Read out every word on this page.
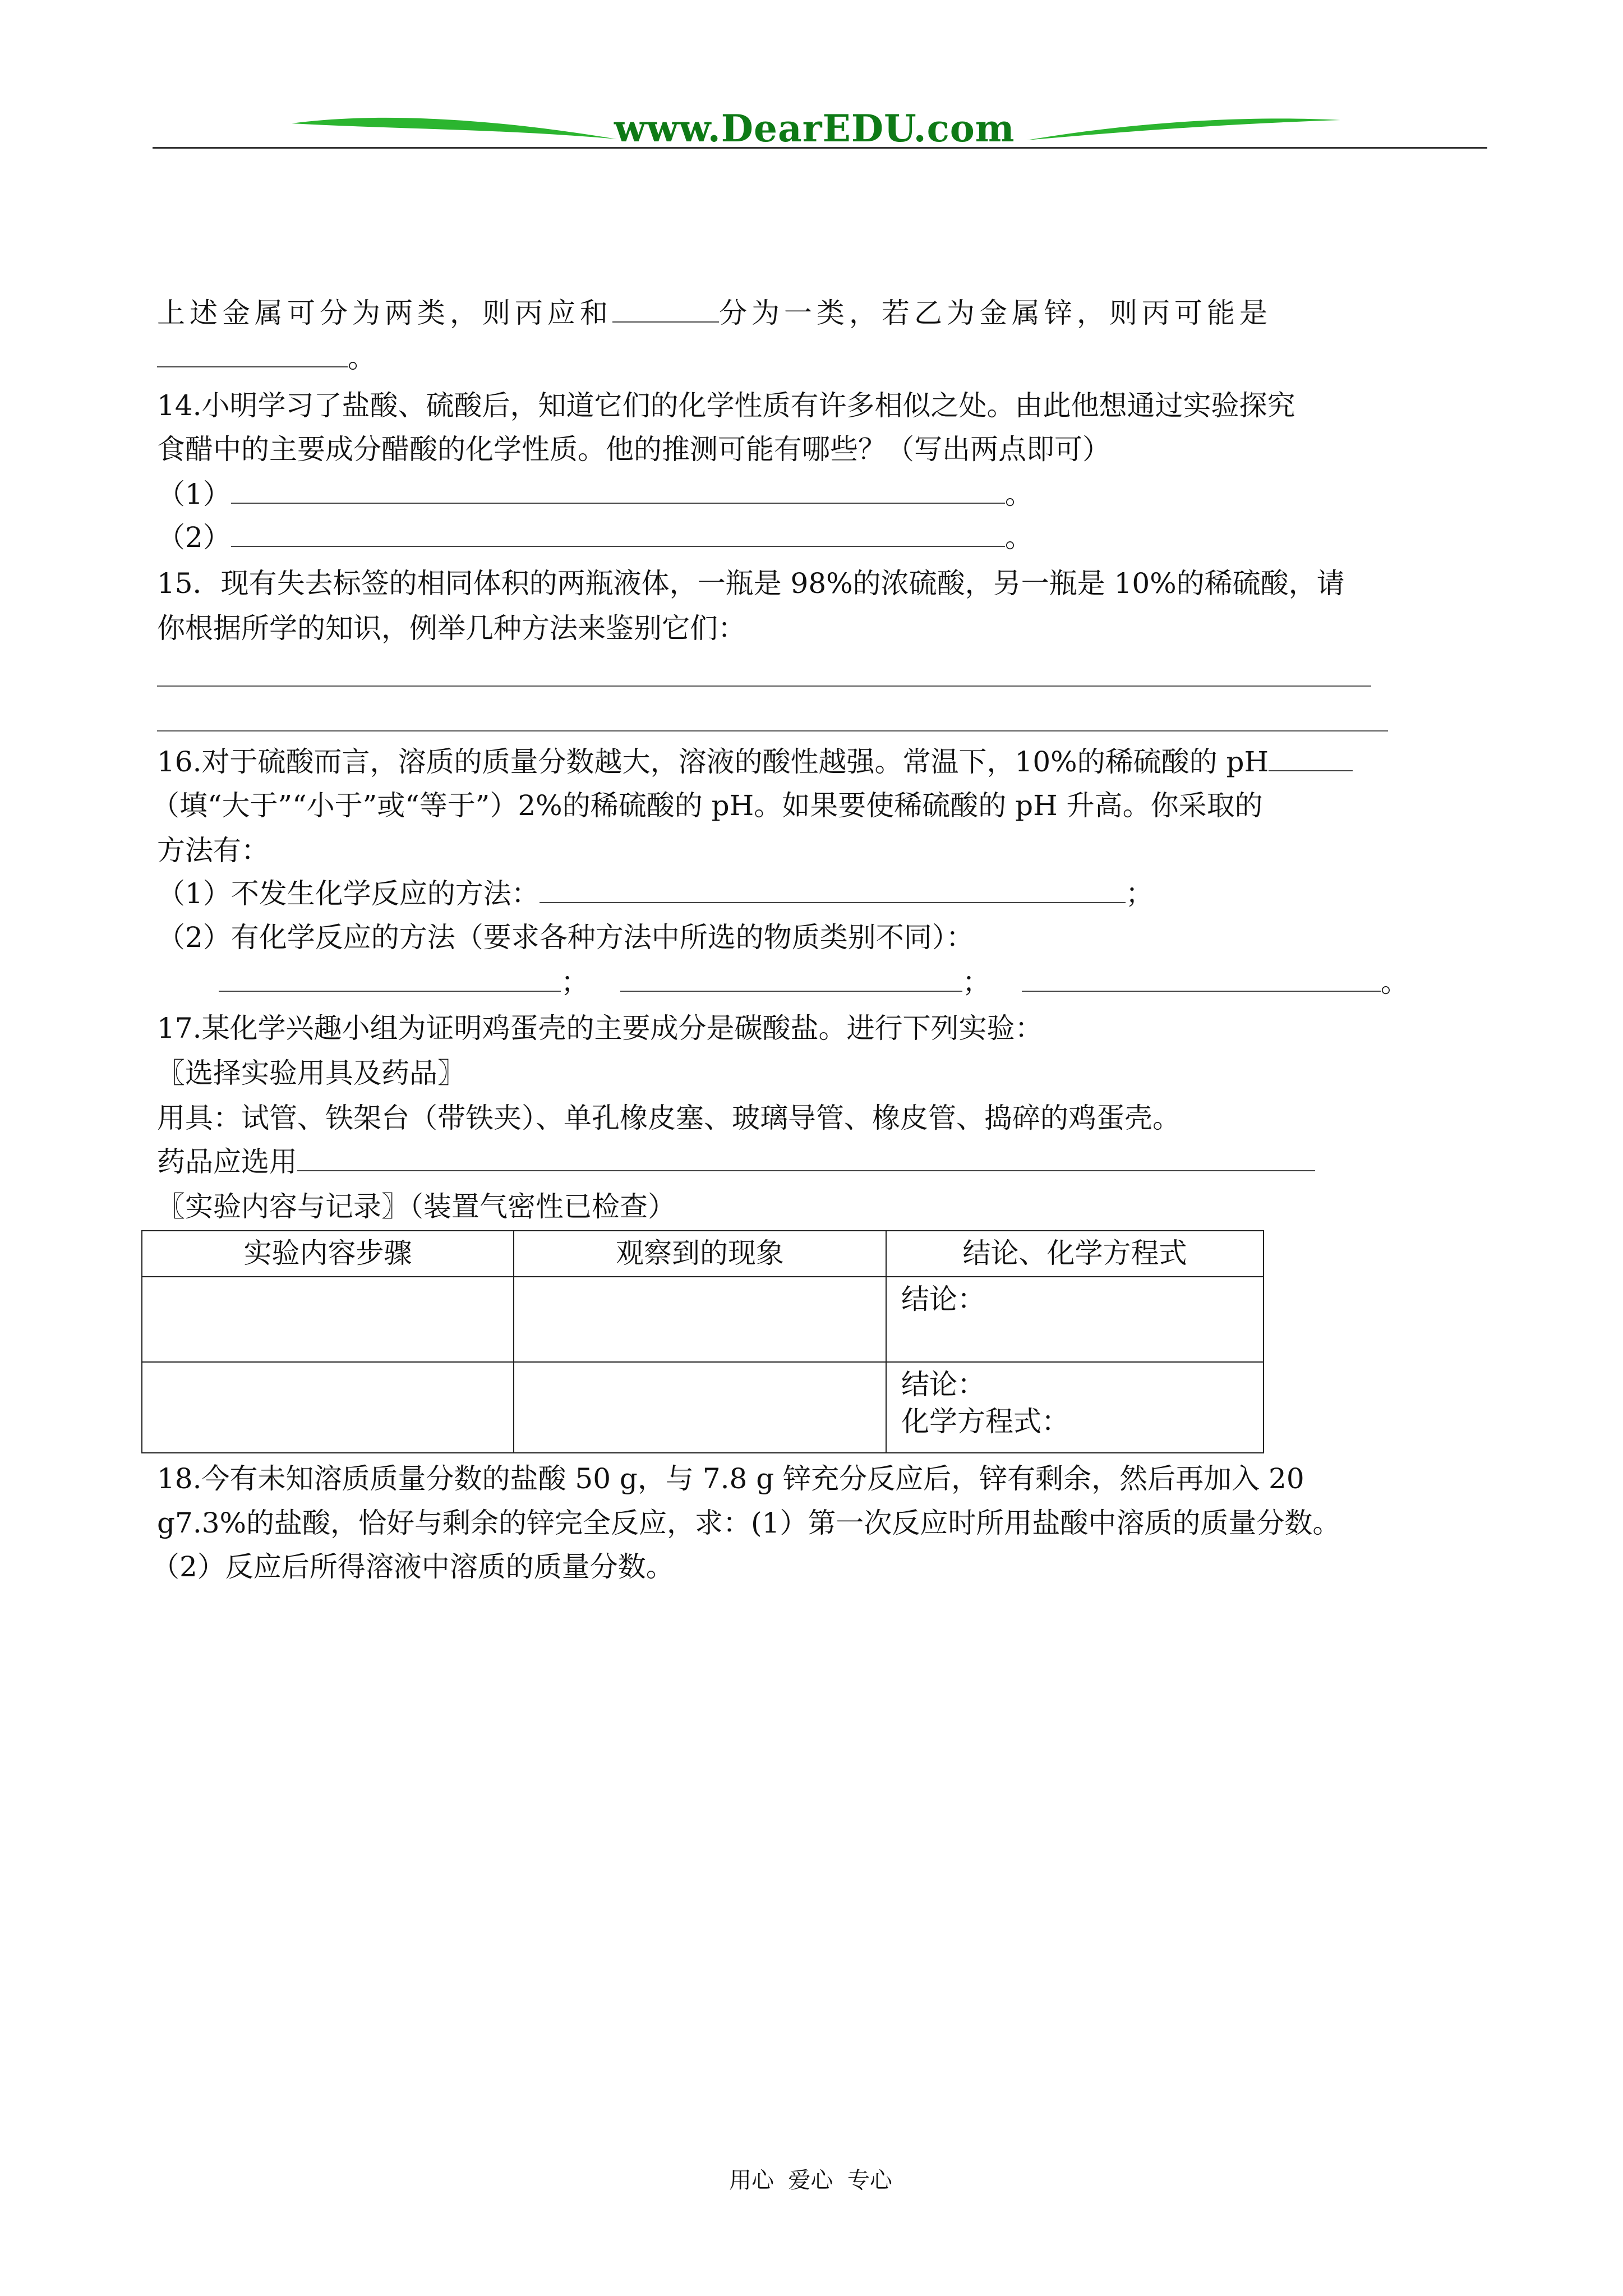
www.DearEDU.com
上述金属可分为两类，则丙应和	分为一类，若乙为金属锌，则丙可能是
。
14.小明学习了盐酸、硫酸后，知道它们的化学性质有许多相似之处。由此他想通过实验探究
食醋中的主要成分醋酸的化学性质。他的推测可能有哪些？（写出两点即可）
（1）	。
（2）	。
15．现有失去标签的相同体积的两瓶液体，一瓶是 98%的浓硫酸，另一瓶是 10%的稀硫酸，请
你根据所学的知识，例举几种方法来鉴别它们：
16.对于硫酸而言，溶质的质量分数越大，溶液的酸性越强。常温下，10%的稀硫酸的 pH
（填“大于”“小于”或“等于”）2%的稀硫酸的 pH。如果要使稀硫酸的 pH 升高。你采取的
方法有：
（1）不发生化学反应的方法：	；
（2）有化学反应的方法（要求各种方法中所选的物质类别不同）：
；	；	。
17.某化学兴趣小组为证明鸡蛋壳的主要成分是碳酸盐。进行下列实验：
〖选择实验用具及药品〗
用具：试管、铁架台（带铁夹）、单孔橡皮塞、玻璃导管、橡皮管、捣碎的鸡蛋壳。
药品应选用
〖实验内容与记录〗（装置气密性已检查）
实验内容步骤	观察到的现象	结论、化学方程式
		结论：

		结论：
化学方程式：
18.今有未知溶质质量分数的盐酸 50 g，与 7.8 g 锌充分反应后，锌有剩余，然后再加入 20
g7.3%的盐酸，恰好与剩余的锌完全反应，求：(1）第一次反应时所用盐酸中溶质的质量分数。
（2）反应后所得溶液中溶质的质量分数。
用心  爱心  专心
